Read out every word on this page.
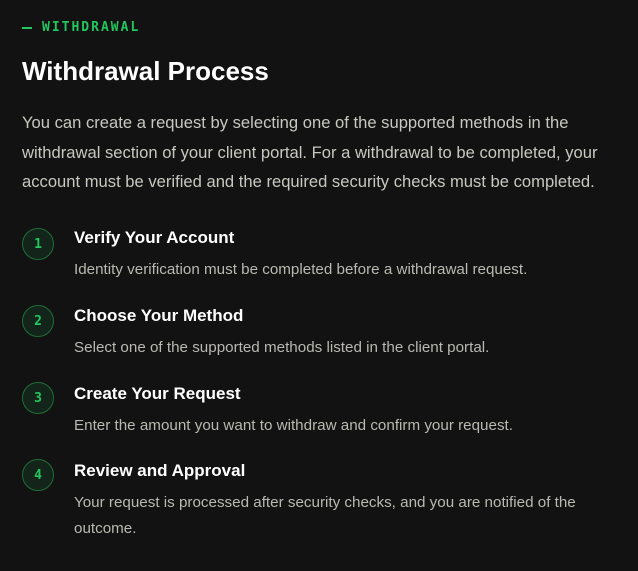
WITHDRAWAL
Withdrawal Process

You can create a request by selecting one of the supported methods in the withdrawal section of your client portal. For a withdrawal to be completed, your account must be verified and the required security checks must be completed.

1	Verify Your Account

Identity verification must be completed before a withdrawal request.

2	Choose Your Method

Select one of the supported methods listed in the client portal.

3	Create Your Request

Enter the amount you want to withdraw and confirm your request.

4	Review and Approval

Your request is processed after security checks, and you are notified of the outcome.
